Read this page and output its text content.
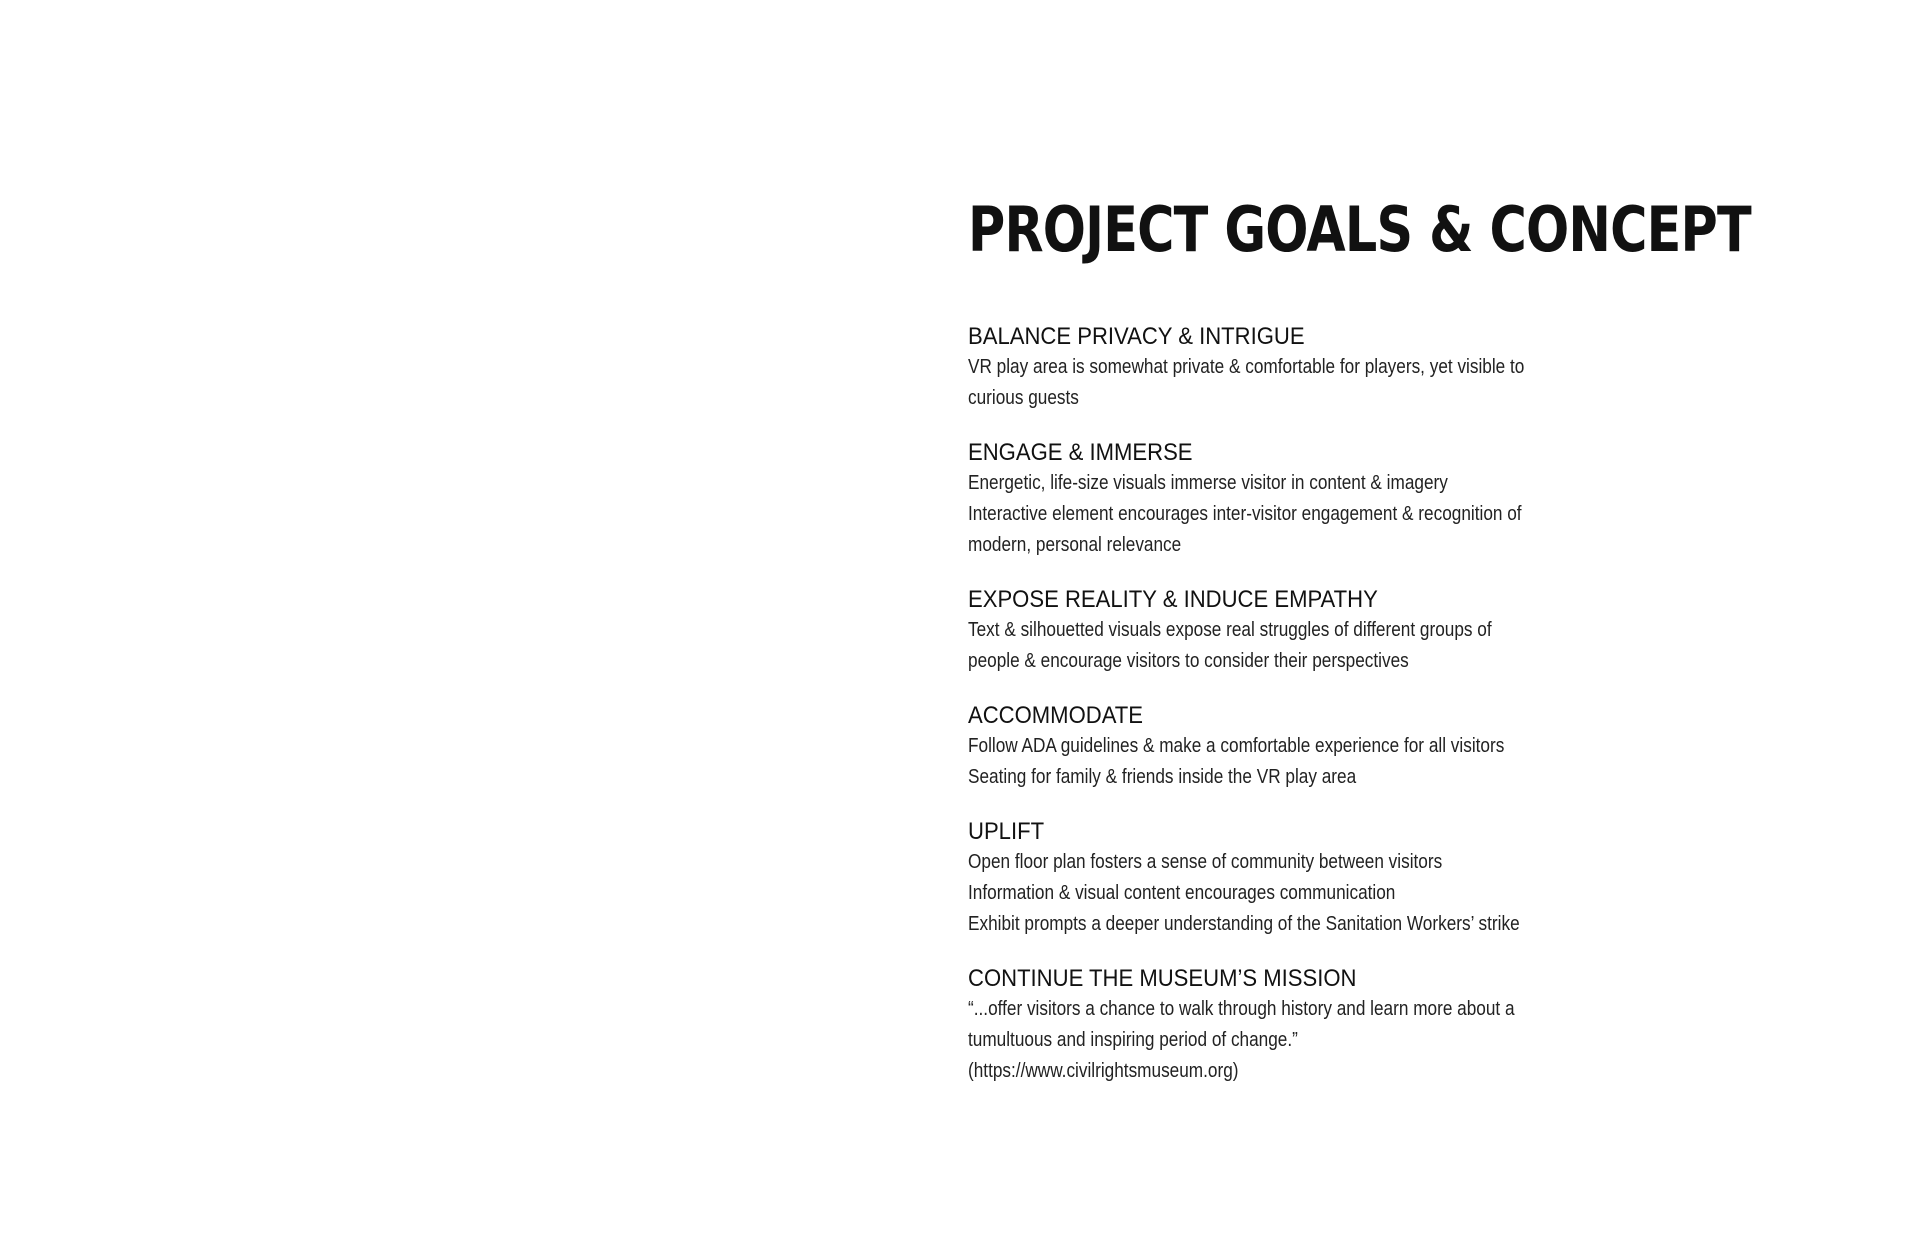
PROJECT GOALS & CONCEPT
BALANCE PRIVACY & INTRIGUE
VR play area is somewhat private & comfortable for players, yet visible to
curious guests
ENGAGE & IMMERSE
Energetic, life-size visuals immerse visitor in content & imagery
Interactive element encourages inter-visitor engagement & recognition of
modern, personal relevance
EXPOSE REALITY & INDUCE EMPATHY
Text & silhouetted visuals expose real struggles of different groups of
people & encourage visitors to consider their perspectives
ACCOMMODATE
Follow ADA guidelines & make a comfortable experience for all visitors
Seating for family & friends inside the VR play area
UPLIFT
Open floor plan fosters a sense of community between visitors
Information & visual content encourages communication
Exhibit prompts a deeper understanding of the Sanitation Workers’ strike
CONTINUE THE MUSEUM’S MISSION
“...offer visitors a chance to walk through history and learn more about a
tumultuous and inspiring period of change.”
(https://www.civilrightsmuseum.org)
